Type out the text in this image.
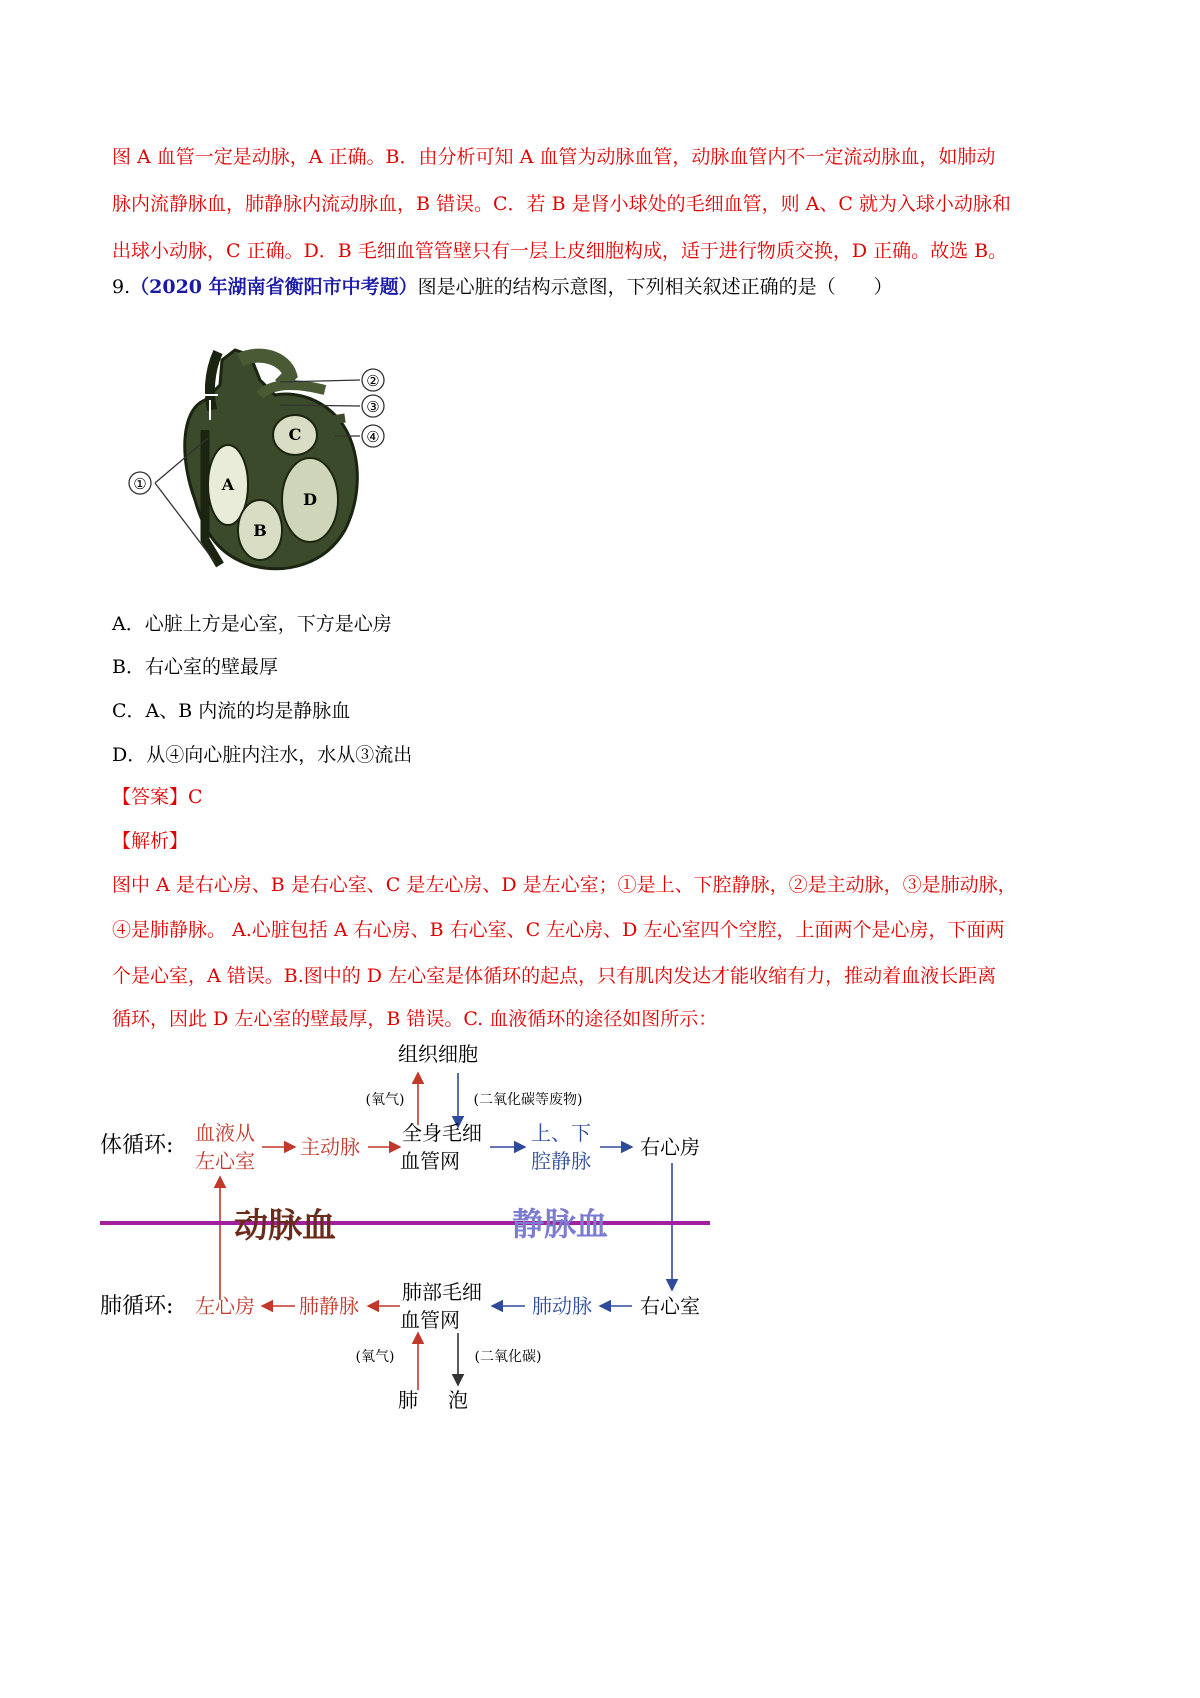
图 A 血管一定是动脉，A 正确。B．由分析可知 A 血管为动脉血管，动脉血管内不一定流动脉血，如肺动
脉内流静脉血，肺静脉内流动脉血，B 错误。C．若 B 是肾小球处的毛细血管，则 A、C 就为入球小动脉和
出球小动脉，C 正确。D．B 毛细血管管壁只有一层上皮细胞构成，适于进行物质交换，D 正确。故选 B。
9.（2020 年湖南省衡阳市中考题）图是心脏的结构示意图，下列相关叙述正确的是（　　）
①
②
③
④
A
B
C
D
A．心脏上方是心室，下方是心房
B．右心室的壁最厚
C．A、B 内流的均是静脉血
D．从④向心脏内注水，水从③流出
【答案】C
【解析】
图中 A 是右心房、B 是右心室、C 是左心房、D 是左心室；①是上、下腔静脉，②是主动脉，③是肺动脉，
④是肺静脉。 A.心脏包括 A 右心房、B 右心室、C 左心房、D 左心室四个空腔，上面两个是心房，下面两
个是心室，A 错误。B.图中的 D 左心室是体循环的起点，只有肌肉发达才能收缩有力，推动着血液长距离
循环，因此 D 左心室的壁最厚，B 错误。C. 血液循环的途径如图所示：
组织细胞
(氧气)	(二氧化碳等废物)
体循环: 血液从
左心室
主动脉
全身毛细
血管网
上、下
腔静脉
右心房
动脉血	静脉血
肺循环: 左心房 肺静脉
肺部毛细
血管网
肺动脉 右心室
(氧气)	(二氧化碳)
肺 泡
